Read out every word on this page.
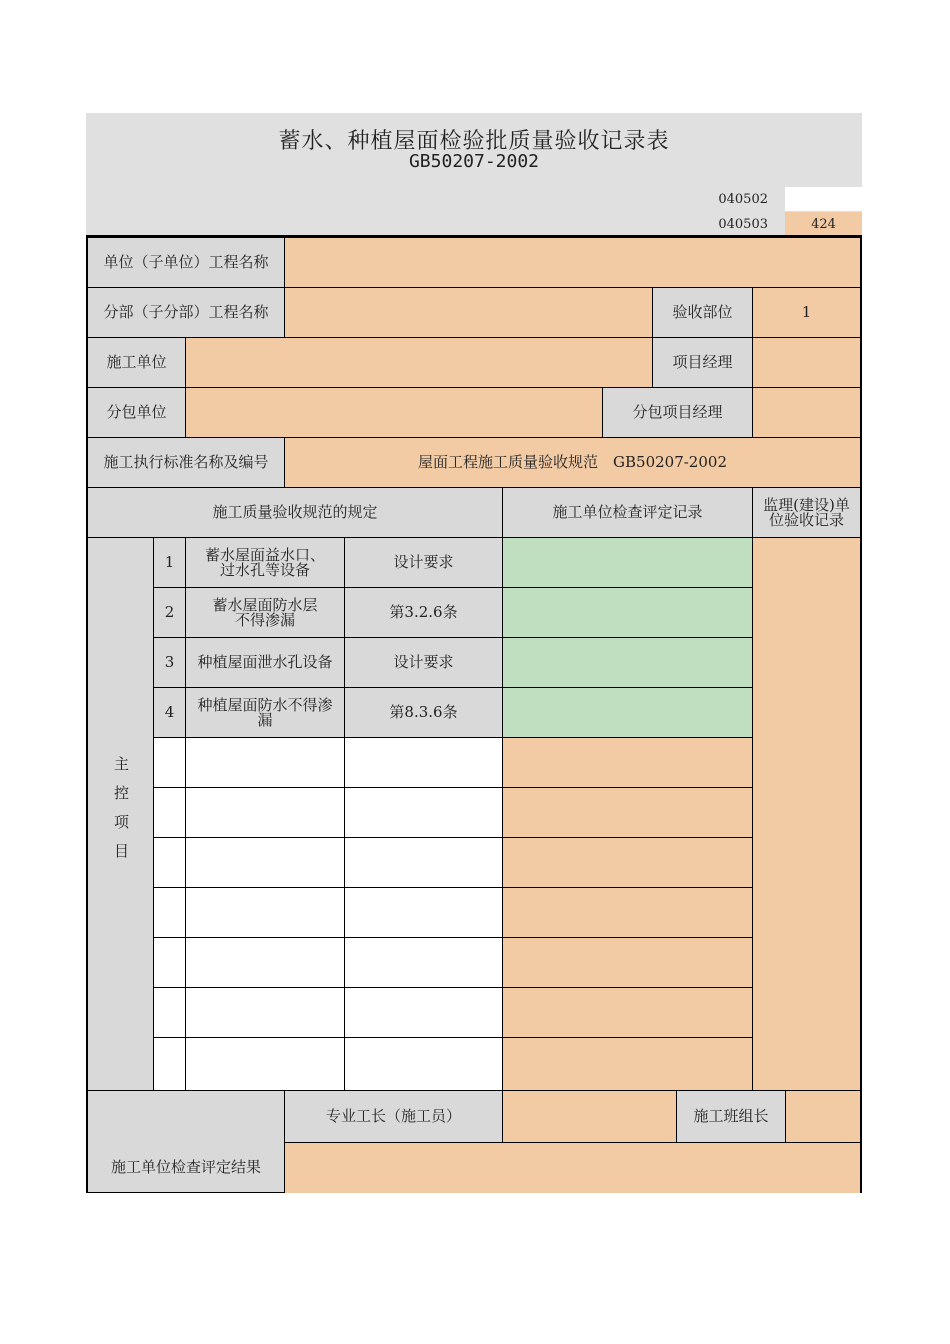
蓄水、种植屋面检验批质量验收记录表
GB50207-2002
040502
040503	424
单位（子单位）工程名称
分部（子分部）工程名称	验收部位	1
施工单位	项目经理
分包单位	分包项目经理
施工执行标准名称及编号	屋面工程施工质量验收规范　GB50207-2002
施工质量验收规范的规定	施工单位检查评定记录	监理(建设)单位验收记录
主控项目
1	蓄水屋面益水口、过水孔等设备	设计要求
2	蓄水屋面防水层不得渗漏	第3.2.6条
3	种植屋面泄水孔设备	设计要求
4	种植屋面防水不得渗漏	第8.3.6条
施工单位检查评定结果
专业工长（施工员）	施工班组长
